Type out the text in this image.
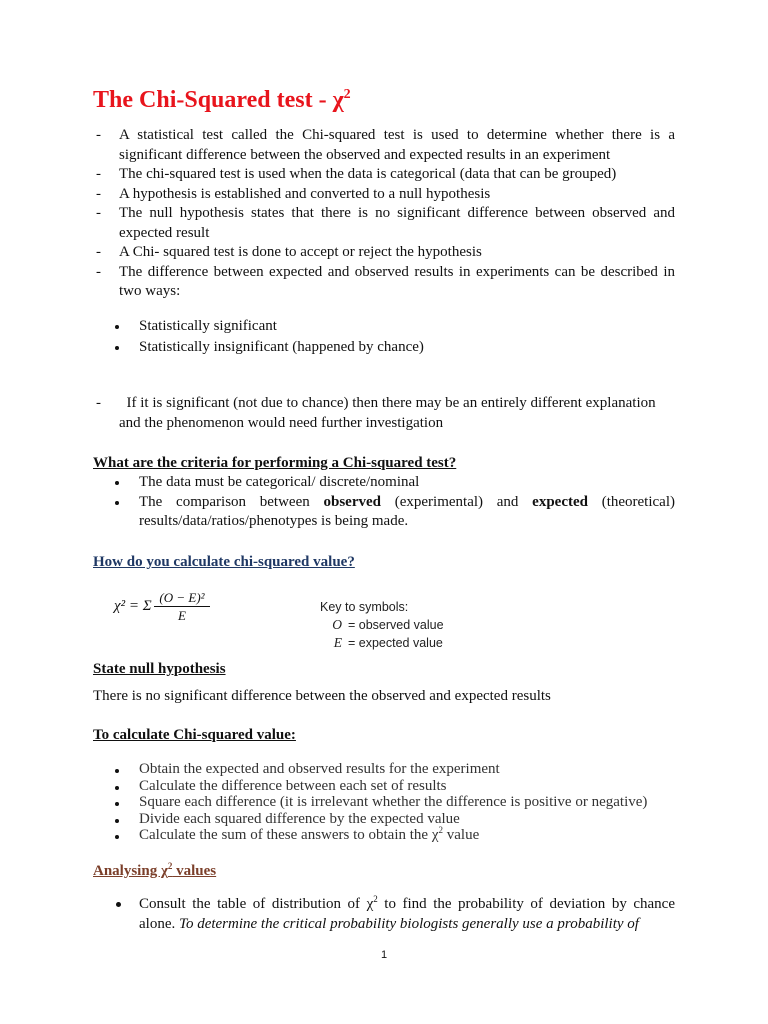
The Chi-Squared test - $\chi^2$
- A statistical test called the Chi-squared test is used to determine whether there is a significant difference between the observed and expected results in an experiment
- The chi-squared test is used when the data is categorical (data that can be grouped)
- A hypothesis is established and converted to a null hypothesis
- The null hypothesis states that there is no significant difference between observed and expected result
- A Chi- squared test is done to accept or reject the hypothesis
- The difference between expected and observed results in experiments can be described in two ways:
Statistically significant
Statistically insignificant (happened by chance)
- If it is significant (not due to chance) then there may be an entirely different explanation and the phenomenon would need further investigation
What are the criteria for performing a Chi-squared test?
The data must be categorical/ discrete/nominal
The comparison between observed (experimental) and expected (theoretical) results/data/ratios/phenotypes is being made.
How do you calculate chi-squared value?
χ² = Σ
(O − E)²
E
Key to symbols:
O = observed value
E = expected value
State null hypothesis
There is no significant difference between the observed and expected results
To calculate Chi-squared value:
Obtain the expected and observed results for the experiment
Calculate the difference between each set of results
Square each difference (it is irrelevant whether the difference is positive or negative)
Divide each squared difference by the expected value
Calculate the sum of these answers to obtain the $\chi^2$ value
Analysing $\chi^2$ values
Consult the table of distribution of $\chi^2$ to find the probability of deviation by chance alone. To determine the critical probability biologists generally use a probability of
1
